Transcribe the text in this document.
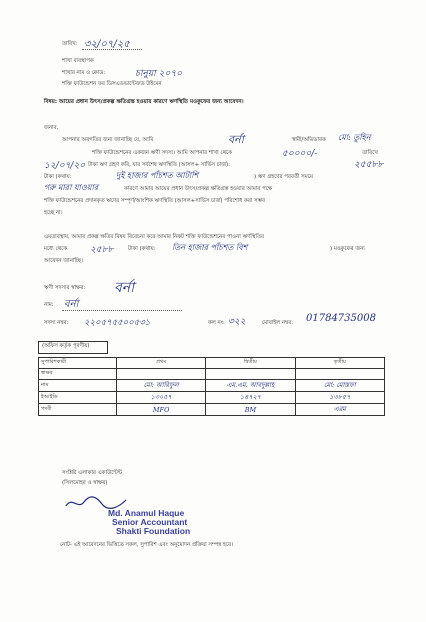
তারিখ: ৩২/০৭/২৫
শাখা ব্যবস্থাপক
শাখার নাম ও কোড:	চানুয়া ২০৭০
শক্তি ফাউন্ডেশন ফর ডিসএডভান্টেজড উইমেন
বিষয়: আয়ের প্রধান উৎস/প্রকল্প ক্ষতিগ্রস্ত হওয়ার কারণে ঋণস্থিতি মওকুফের জন্য আবেদন।
জনাব,
আপনার অবগতির জন্য জানাচ্ছি যে, আমি	বর্না	স্বামী/অভিভাবক মো: তুহিন
শক্তি ফাউন্ডেশনের একজন ঋণী সদস্য। আমি আপনার শাখা থেকে	৫০০০০/-	তারিখে
১২/০৭/২০ টাকা ঋণ গ্রহণ করি, যার সর্বশেষ ঋণস্থিতি (আসল+ সার্ভিস চার্জ):	২৫৫৮৮
টাকা (কথায়:	দুই হাজার পাঁচশত আটাশি	) ঋণ গ্রহণের পরবর্তী সময়ে
গরু মারা যাওয়ার	কারণে আমার আয়ের প্রধান উৎস/প্রকল্প ক্ষতিগ্রস্ত হওয়ার আমার পক্ষে
শক্তি ফাউন্ডেশনের প্রদানকৃত ঋণের সম্পূর্ণ/আংশিক ঋণস্থিতি (আসল+সার্ভিস চার্জ) পরিশোধ করা সম্ভব
হচ্ছে না।
এমতাবস্থায়, আমার প্রকল্প ক্ষতির বিষয় বিবেচনা করে আমার নিকট শক্তি ফাউন্ডেশনের পাওনা ঋণস্থিতির
মধ্যে থেকে	২৫৮৮	টাকা (কথায়: তিন হাজার পাঁচশত বিশ	) মওকুফের জন্য
আবেদন জানাচ্ছি।
ঋণী সদস্যর স্বাক্ষর: বর্না
নাম: বর্না
সদস্য নম্বর: ২২০৫৭৫৫০০৫৩১	কল নং: ৩২২	মোবাইল নম্বর: 01784735008
(অফিস কর্তৃক পূরণীয়)
সুপারিশকারী	প্রথম	দ্বিতীয়	তৃতীয়
স্বাক্ষর			
নাম	মো: আরিফুল	এম.এম. আবদুল্লাহ	মো: মোস্তফা
ইআইডি	১৩০৫৭	১৪৭২৭	১৩৮৫৭
পদবী	MFO	BM	এরম
সংশ্লিষ্ট এলাকার একাউন্টেন্ট
(সিলমোহর ও স্বাক্ষর)
Md. Anamul Haque
Senior Accountant
Shakti Foundation
নোট- এই আবেদনের ভিত্তিতে সকল, সুপারিশ এবং অনুমোদন প্রক্রিয়া সম্পন্ন হবে।
